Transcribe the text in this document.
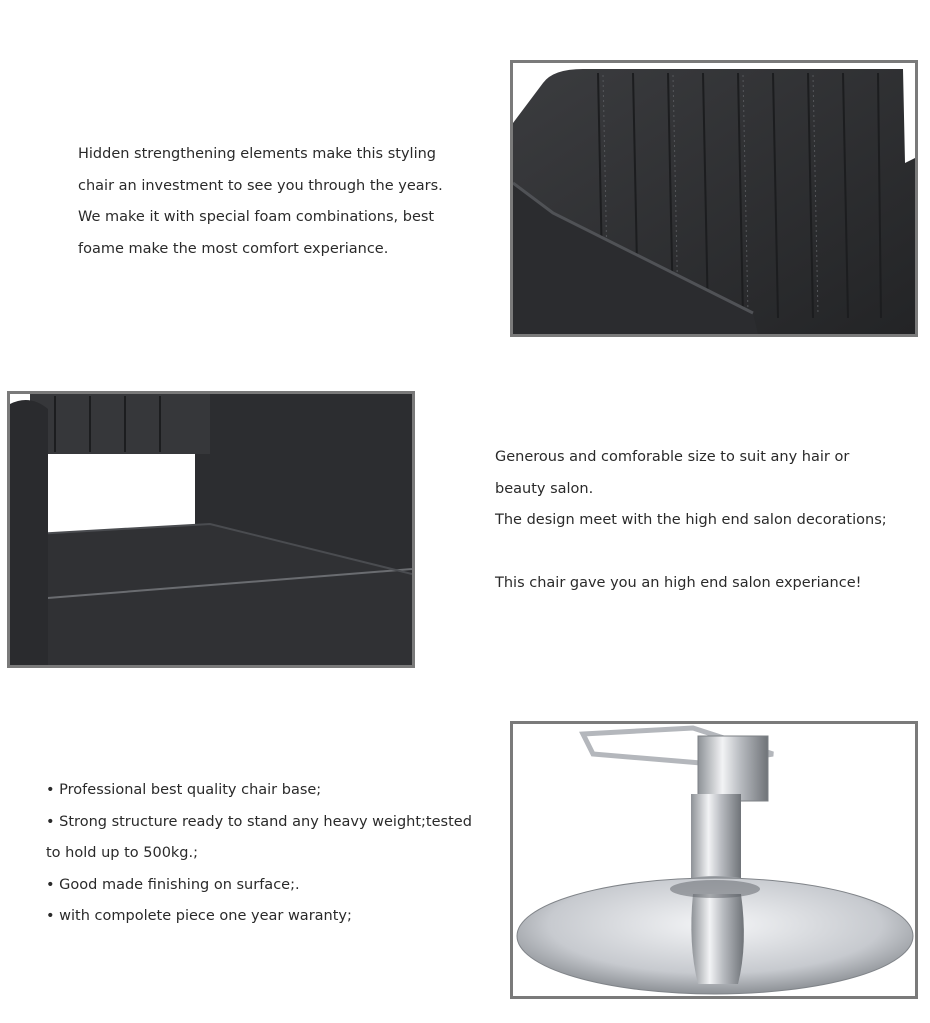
Hidden strengthening elements make this styling

chair an investment to see you through the years.

We make it with special foam combinations, best

foame make the most comfort experiance.

Generous and comforable size to suit any hair or

beauty salon.

The design meet with the high end salon decorations;

This chair gave you an high end salon experiance!

• Professional best quality chair base;

• Strong structure ready to stand any heavy weight;tested

to hold up to 500kg.;

• Good made finishing on surface;.

• with compolete piece one year waranty;
